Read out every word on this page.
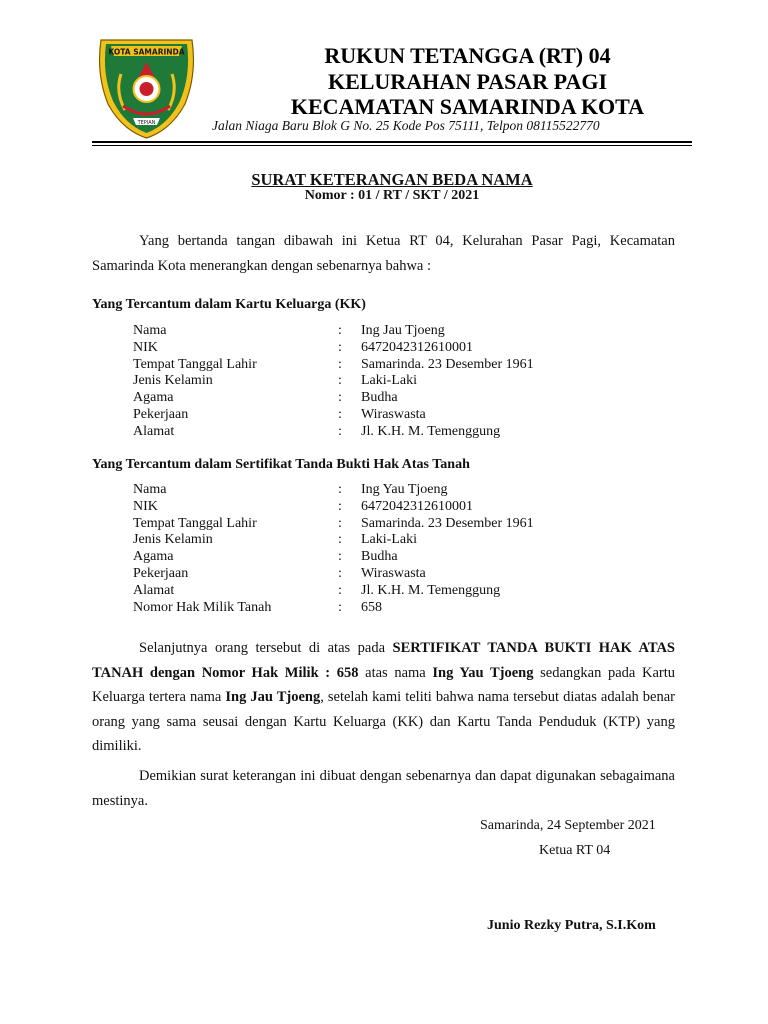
KOTA SAMARINDA
TEPIAN
RUKUN TETANGGA (RT) 04
KELURAHAN PASAR PAGI
KECAMATAN SAMARINDA KOTA
Jalan Niaga Baru Blok G No. 25 Kode Pos 75111, Telpon 08115522770
SURAT KETERANGAN BEDA NAMA
Nomor : 01 / RT / SKT / 2021

Yang bertanda tangan dibawah ini Ketua RT 04, Kelurahan Pasar Pagi, Kecamatan Samarinda Kota menerangkan dengan sebenarnya bahwa :

Yang Tercantum dalam Kartu Keluarga (KK)
Nama	: Ing Jau Tjoeng
NIK	: 6472042312610001
Tempat Tanggal Lahir	: Samarinda. 23 Desember 1961
Jenis Kelamin	: Laki-Laki
Agama	: Budha
Pekerjaan	: Wiraswasta
Alamat	: Jl. K.H. M. Temenggung
Yang Tercantum dalam Sertifikat Tanda Bukti Hak Atas Tanah
Nama	: Ing Yau Tjoeng
NIK	: 6472042312610001
Tempat Tanggal Lahir	: Samarinda. 23 Desember 1961
Jenis Kelamin	: Laki-Laki
Agama	: Budha
Pekerjaan	: Wiraswasta
Alamat	: Jl. K.H. M. Temenggung
Nomor Hak Milik Tanah	: 658

Selanjutnya orang tersebut di atas pada SERTIFIKAT TANDA BUKTI HAK ATAS TANAH dengan Nomor Hak Milik : 658 atas nama Ing Yau Tjoeng sedangkan pada Kartu Keluarga tertera nama Ing Jau Tjoeng, setelah kami teliti bahwa nama tersebut diatas adalah benar orang yang sama seusai dengan Kartu Keluarga (KK) dan Kartu Tanda Penduduk (KTP) yang dimiliki.

Demikian surat keterangan ini dibuat dengan sebenarnya dan dapat digunakan sebagaimana mestinya.

Samarinda, 24 September 2021
Ketua RT 04
Junio Rezky Putra, S.I.Kom
